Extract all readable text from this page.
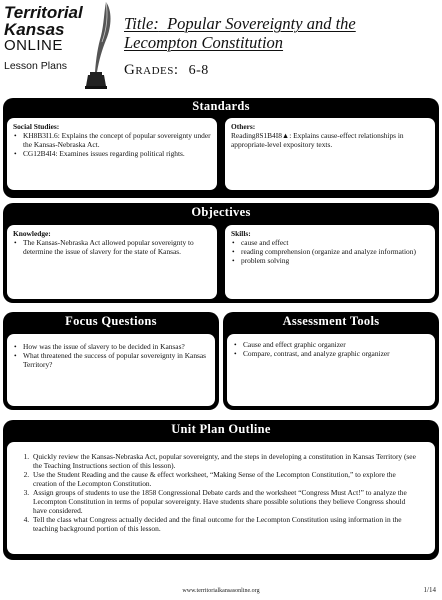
Territorial
Kansas
ONLINE
Lesson Plans
Title: Popular Sovereignty and the
Lecompton Constitution
Grades: 6-8
Standards
Social Studies:
• KH8B3I1.6: Explains the concept of popular sovereignty under the Kansas-Nebraska Act.
• CG12B4I4: Examines issues regarding political rights.
Others:

Reading8S1B4I8▲: Explains cause-effect relationships in appropriate-level expository texts.

Objectives
Knowledge:
• The Kansas-Nebraska Act allowed popular sovereignty to determine the issue of slavery for the state of Kansas.
Skills:
• cause and effect
• reading comprehension (organize and analyze information)
• problem solving
Focus Questions
• How was the issue of slavery to be decided in Kansas?
• What threatened the success of popular sovereignty in Kansas Territory?
Assessment Tools
• Cause and effect graphic organizer
• Compare, contrast, and analyze graphic organizer
Unit Plan Outline
1. Quickly review the Kansas-Nebraska Act, popular sovereignty, and the steps in developing a constitution in Kansas Territory (see the Teaching Instructions section of this lesson).
2. Use the Student Reading and the cause & effect worksheet, “Making Sense of the Lecompton Constitution,” to explore the creation of the Lecompton Constitution.
3. Assign groups of students to use the 1858 Congressional Debate cards and the worksheet “Congress Must Act!” to analyze the Lecompton Constitution in terms of popular sovereignty. Have students share possible solutions they believe Congress should have considered.
4. Tell the class what Congress actually decided and the final outcome for the Lecompton Constitution using information in the teaching background portion of this lesson.
www.territorialkansasonline.org	1/14
